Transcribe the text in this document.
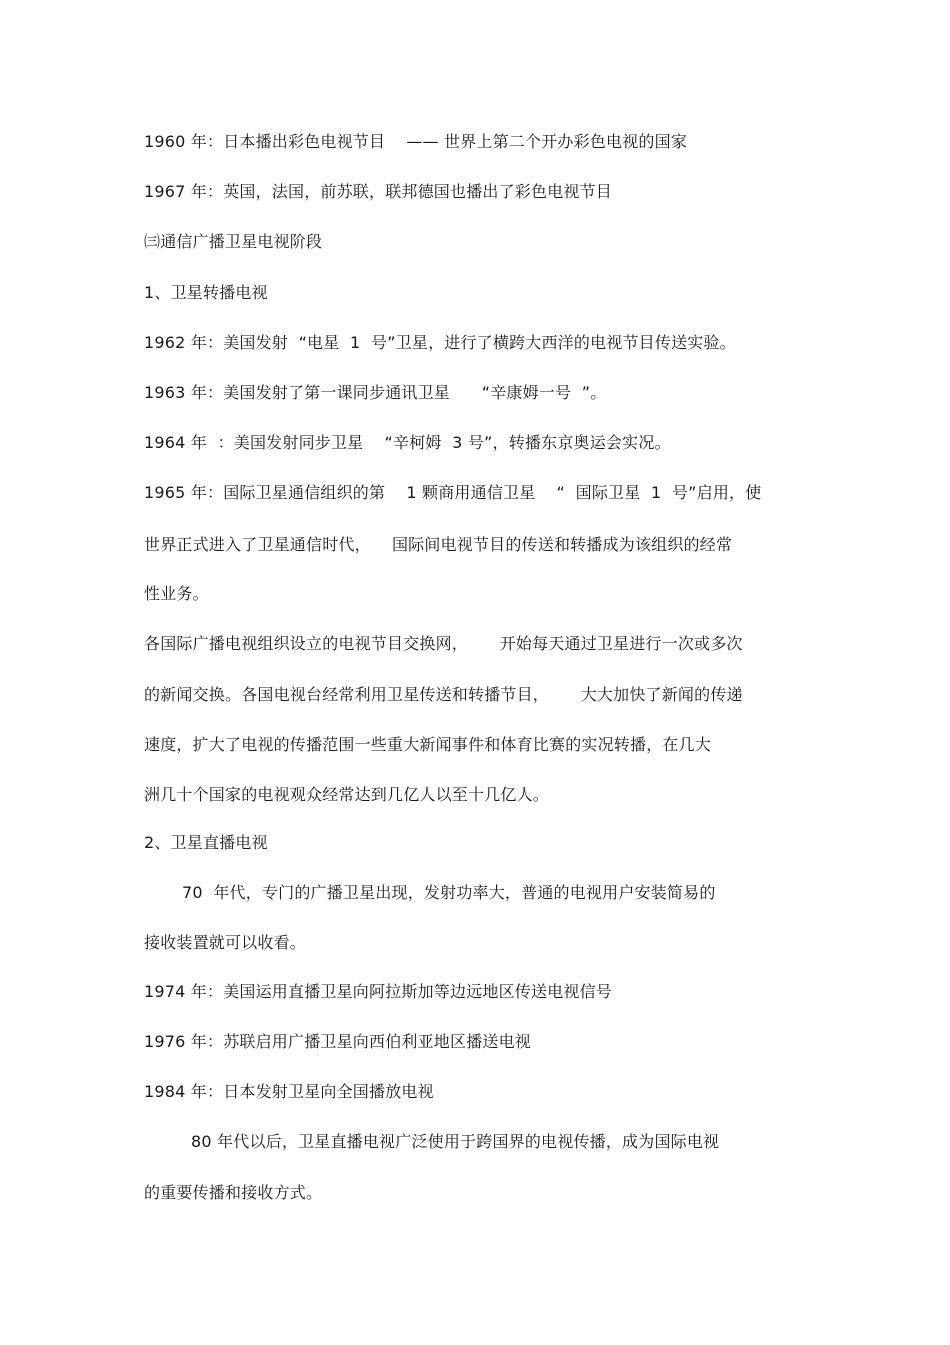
1960 年：日本播出彩色电视节目    —— 世界上第二个开办彩色电视的国家
1967 年：英国，法国，前苏联，联邦德国也播出了彩色电视节目
㈢通信广播卫星电视阶段
1、卫星转播电视
1962 年：美国发射  “电星  1  号”卫星，进行了横跨大西洋的电视节目传送实验。
1963 年：美国发射了第一课同步通讯卫星      “辛康姆一号  ”。
1964 年  ：美国发射同步卫星    “辛柯姆  3 号”，转播东京奥运会实况。
1965 年：国际卫星通信组织的第    1 颗商用通信卫星    “  国际卫星  1  号”启用，使
世界正式进入了卫星通信时代，    国际间电视节目的传送和转播成为该组织的经常
性业务。
各国际广播电视组织设立的电视节目交换网，      开始每天通过卫星进行一次或多次
的新闻交换。各国电视台经常利用卫星传送和转播节目，      大大加快了新闻的传递
速度，扩大了电视的传播范围一些重大新闻事件和体育比赛的实况转播，在几大
洲几十个国家的电视观众经常达到几亿人以至十几亿人。
2、卫星直播电视
70  年代，专门的广播卫星出现，发射功率大，普通的电视用户安装简易的
接收装置就可以收看。
1974 年：美国运用直播卫星向阿拉斯加等边远地区传送电视信号
1976 年：苏联启用广播卫星向西伯利亚地区播送电视
1984 年：日本发射卫星向全国播放电视
80 年代以后，卫星直播电视广泛使用于跨国界的电视传播，成为国际电视
的重要传播和接收方式。
